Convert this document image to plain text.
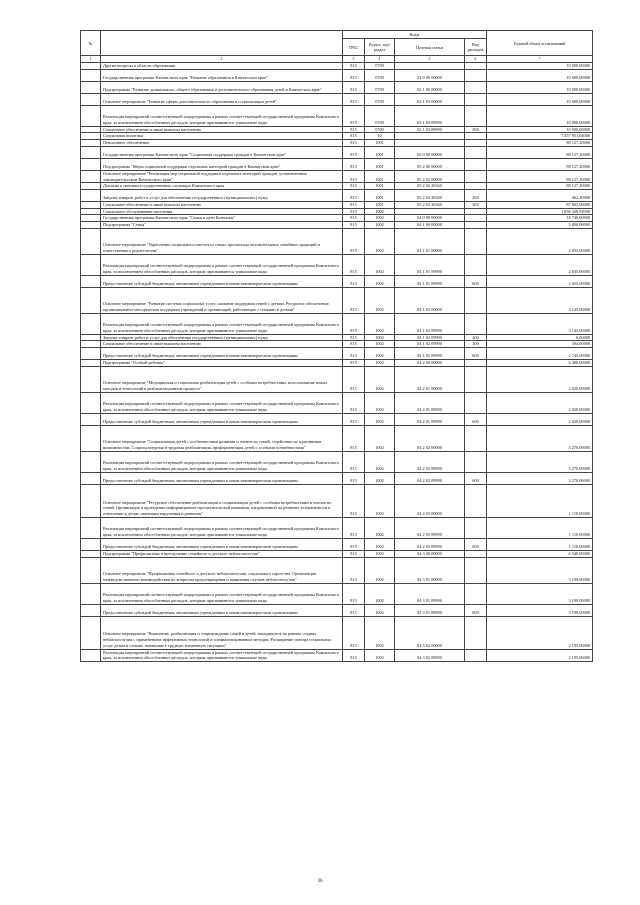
№		Коды				Годовой объем ассигнований
		ГРБС	Раздел, под-раздел	Целевая статья	Вид расходов	
1	2	3	4	5	6	7
	Другие вопросы в области образования	815	0709			10 900,00000
	Государственная программа Камчатского края "Развитие образования в Камчатском крае"	815	0709	02 0 00 00000		10 900,00000
	Подпрограмма "Развитие дошкольного, общего образования и дополнительного образования детей в Камчатском крае"	815	0709	02 1 00 00000		10 900,00000
	Основное мероприятие "Развитие сферы дополнительного образования в социализации детей"	815	0709	02 1 03 00000		10 900,00000
	Реализация мероприятий соответствующей подпрограммы в рамках соответствующей государственной программы Камчатского края, за исключением обособленных расходов, которым присваиваются уникальные коды	815	0709	02 1 03 09990		10 900,00000
	Социальное обеспечение и иные выплаты населению	815	0709	02 1 03 09990	300	10 900,00000
	Социальная политика	815	10			7 457 951,04000
	Пенсионное обеспечение	815	1001			88 127,20000
	Государственная программа Камчатского края "Социальная поддержка граждан в Камчатском крае"	815	1001	05 0 00 00000		88 127,20000
	Подпрограмма "Меры социальной поддержки отдельных категорий граждан в Камчатском крае"	815	1001	05 2 00 00000		88 127,20000
	Основное мероприятие "Реализация мер социальной поддержки отдельных категорий граждан, установленных законодательством Камчатского края"	815	1001	05 2 02 00000		88 127,20000
	Доплаты к пенсиям государственных служащих Камчатского края	815	1001	05 2 02 20340		88 127,20000
	Закупка товаров, работ и услуг для обеспечения государственных (муниципальных) нужд	815	1001	05 2 02 20340	200	462,20000
	Социальное обеспечение и иные выплаты населению	815	1001	05 2 02 20340	300	87 665,00000
	Социальное обслуживание населения	815	1002			1 856 328,92000
	Государственная программа Камчатского края "Семья и дети Камчатки"	815	1002	04 0 00 00000		18 740,00000
	Подпрограмма "Семья"	815	1002	04 1 00 00000		5 800,00000
	Основное мероприятие "Укрепление социального института семьи, пропаганда положительных семейных традиций и ответственного родительства"	815	1002	04 1 01 00000		2 655,00000
	Реализация мероприятий соответствующей подпрограммы в рамках соответствующей государственной программы Камчатского края, за исключением обособленных расходов, которым присваиваются уникальные коды	815	1002	04 1 01 09990		2 655,00000
	Предоставление субсидий бюджетным, автономным учреждениям и иным некоммерческим организациям	815	1002	04 1 01 09990	600	2 655,00000
	Основное мероприятие "Развитие системы социальных услуг, оказание поддержки семей с детьми. Ресурсное обеспечение, организационно-методическая поддержка учреждений и организаций, работающих с семьями и детьми"	815	1002	04 1 02 00000		3 145,00000
	Реализация мероприятий соответствующей подпрограммы в рамках соответствующей государственной программы Камчатского края, за исключением обособленных расходов, которым присваиваются уникальные коды	815	1002	04 1 02 09990		3 145,00000
	Закупка товаров, работ и услуг для обеспечения государственных (муниципальных) нужд	815	1002	04 1 02 09990	200	6,00000
	Социальное обеспечение и иные выплаты населению	815	1002	04 1 02 09990	300	394,00000
	Предоставление субсидий бюджетным, автономным учреждениям и иным некоммерческим организациям	815	1002	04 1 02 09990	600	2 745,00000
	Подпрограмма "Особый ребенок"	815	1002	04 2 00 00000		6 400,00000
	Основное мероприятие "Медицинская и социальная реабилитация детей с особыми потребностями, использование новых методов и технологий в реабилитационном процессе"	815	1002	04 2 01 00000		2 020,00000
	Реализация мероприятий соответствующей подпрограммы в рамках соответствующей государственной программы Камчатского края, за исключением обособленных расходов, которым присваиваются уникальные коды	815	1002	04 2 01 09990		2 020,00000
	Предоставление субсидий бюджетным, автономным учреждениям и иным некоммерческим организациям	815	1002	04 2 01 09990	600	2 020,00000
	Основное мероприятие "Социализация детей с особенностями развития и членов их семей, содействие их адаптивным возможностям. Социокультурная и трудовая реабилитация, профориентация детей с особыми потребностями"	815	1002	04 2 02 00000		3 270,00000
	Реализация мероприятий соответствующей подпрограммы в рамках соответствующей государственной программы Камчатского края, за исключением обособленных расходов, которым присваиваются уникальные коды	815	1002	04 2 02 09990		3 270,00000
	Предоставление субсидий бюджетным, автономным учреждениям и иным некоммерческим организациям	815	1002	04 2 02 09990	600	3 270,00000
	Основное мероприятие "Ресурсное обеспечение реабилитации и социализации детей с особыми потребностями и членов их семей. Организация и проведение информационно-просветительской кампании, направленной на развитие толерантности в отношении к детям, имеющим нарушения в развитии"	815	1002	04 2 03 00000		1 110,00000
	Реализация мероприятий соответствующей подпрограммы в рамках соответствующей государственной программы Камчатского края, за исключением обособленных расходов, которым присваиваются уникальные коды	815	1002	04 2 03 09990		1 110,00000
	Предоставление субсидий бюджетным, автономным учреждениям и иным некоммерческим организациям	815	1002	04 2 03 09990	600	1 110,00000
	Подпрограмма "Профилактика и преодоление семейного и детского неблагополучия"	815	1002	04 3 00 00000		6 540,00000
	Основное мероприятие "Профилактика семейного и детского неблагополучия, социального сиротства. Организация межведомственного взаимодействия по вопросам предотвращения и выявления случаев неблагополучия"	815	1002	04 3 01 00000		3 199,00000
	Реализация мероприятий соответствующей подпрограммы в рамках соответствующей государственной программы Камчатского края, за исключением обособленных расходов, которым присваиваются уникальные коды	815	1002	04 3 01 09990		3 199,00000
	Предоставление субсидий бюджетным, автономным учреждениям и иным некоммерческим организациям	815	1002	04 3 01 09990	600	3 199,00000
	Основное мероприятие "Выявление, реабилитация и сопровождение семей и детей, находящихся на ранних стадиях неблагополучия с применением эффективных технологий и специализированных методик. Расширение спектра социальных услуг детям и семьям, попавшим в трудную жизненную ситуацию"	815	1002	04 3 02 00000		2 195,00000
	Реализация мероприятий соответствующей подпрограммы в рамках соответствующей государственной программы Камчатского края, за исключением обособленных расходов, которым присваиваются уникальные коды	815	1002	04 3 02 09990		2 195,00000
36
